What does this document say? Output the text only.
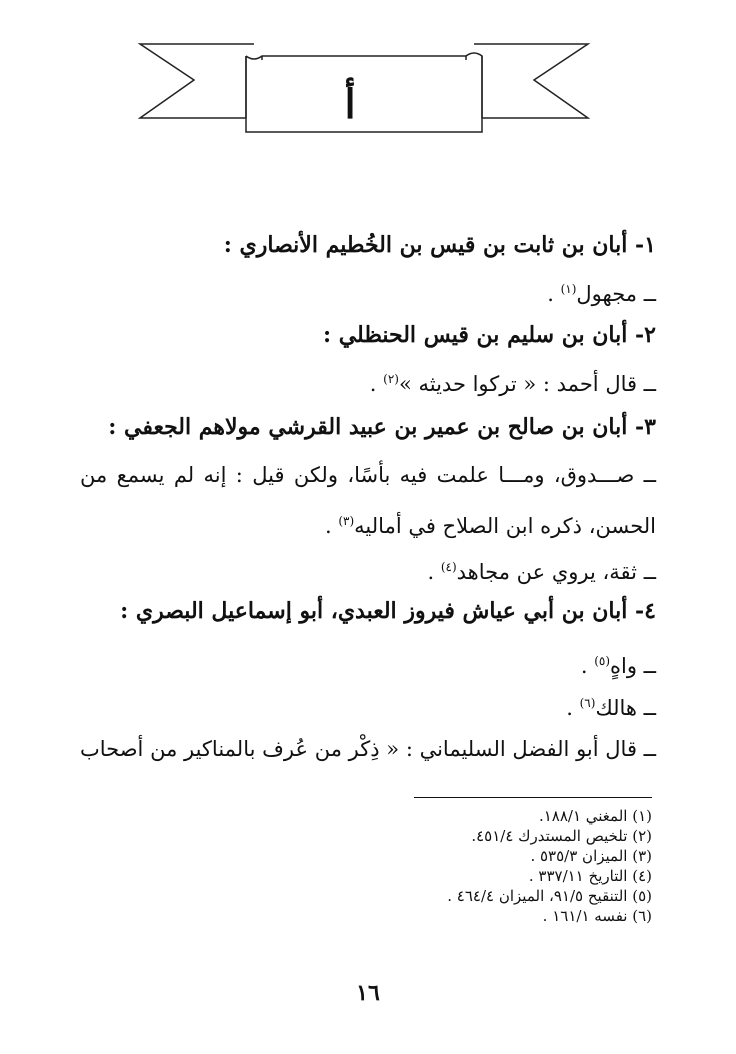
أ
١- أبان بن ثابت بن قيس بن الخُطيم الأنصاري :
ــ مجهول$^{(١)}$ .
٢- أبان بن سليم بن قيس الحنظلي :
ــ قال أحمد : « تركوا حديثه »$^{(٢)}$ .
٣- أبان بن صالح بن عمير بن عبيد القرشي مولاهم الجعفي :
ــ صـــدوق، ومـــا علمت فيه بأسًا، ولكن قيل : إنه لم يسمع من
الحسن، ذكره ابن الصلاح في أماليه$^{(٣)}$ .
ــ ثقة، يروي عن مجاهد$^{(٤)}$ .
٤- أبان بن أبي عياش فيروز العبدي، أبو إسماعيل البصري :
ــ واهٍ$^{(٥)}$ .
ــ هالك$^{(٦)}$ .
ــ قال أبو الفضل السليماني : « ذِكْر من عُرف بالمناكير من أصحاب
(١) المغني ١٨٨/١.
(٢) تلخيص المستدرك ٤٥١/٤.
(٣) الميزان ٥٣٥/٣ .
(٤) التاريخ ٣٣٧/١١ .
(٥) التنقيح ٩١/٥، الميزان ٤٦٤/٤ .
(٦) نفسه ١٦١/١ .
١٦
